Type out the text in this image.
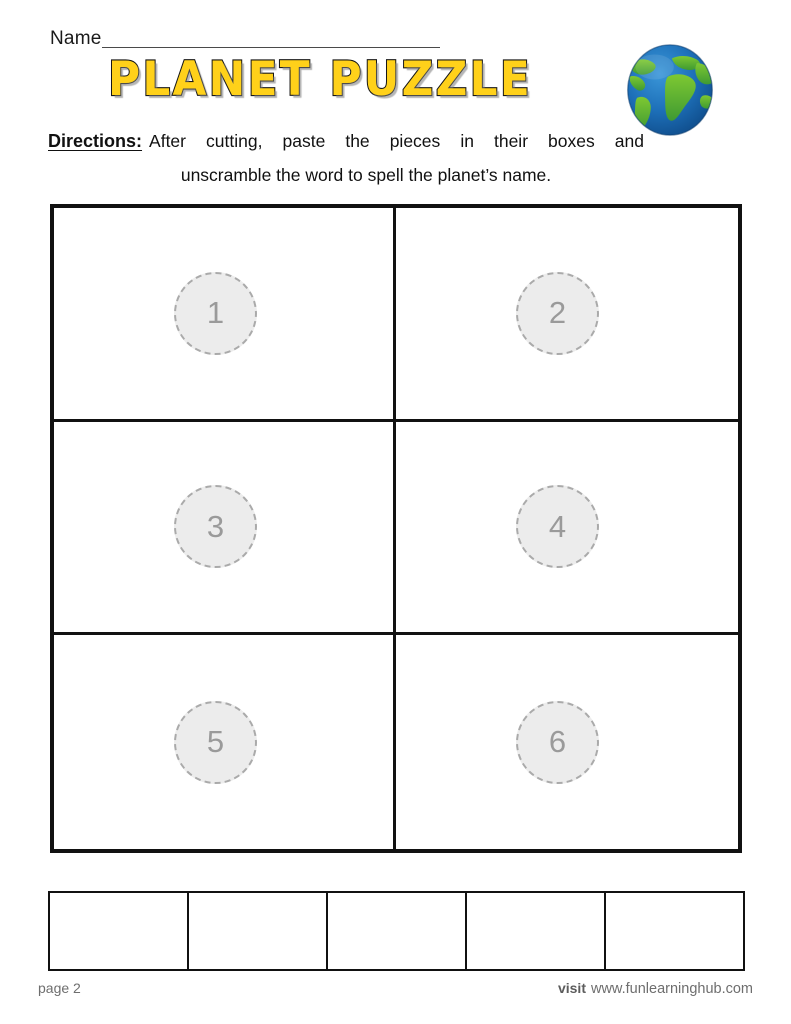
Name
PLANET PUZZLE
Directions: After cutting, paste the pieces in their boxes and
unscramble the word to spell the planet’s name.
1	2
3	4
5	6
page 2	visit www.funlearninghub.com
